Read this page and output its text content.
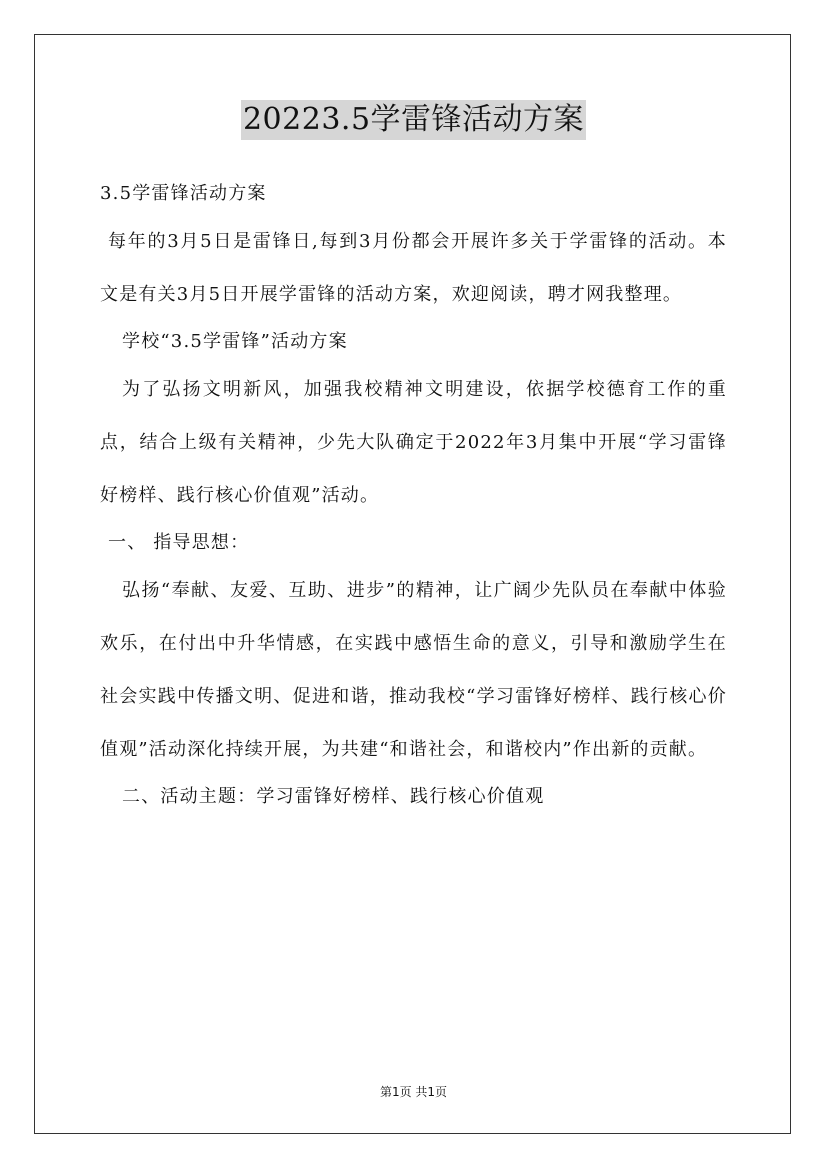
20223.5学雷锋活动方案

3.5学雷锋活动方案

每年的3月5日是雷锋日,每到3月份都会开展许多关于学雷锋的活动。本文是有关3月5日开展学雷锋的活动方案，欢迎阅读，聘才网我整理。

学校“3.5学雷锋”活动方案

为了弘扬文明新风，加强我校精神文明建设，依据学校德育工作的重点，结合上级有关精神，少先大队确定于2022年3月集中开展“学习雷锋好榜样、践行核心价值观”活动。

一、 指导思想：

弘扬“奉献、友爱、互助、进步”的精神，让广阔少先队员在奉献中体验欢乐，在付出中升华情感，在实践中感悟生命的意义，引导和激励学生在社会实践中传播文明、促进和谐，推动我校“学习雷锋好榜样、践行核心价值观”活动深化持续开展，为共建“和谐社会，和谐校内”作出新的贡献。

二、活动主题：学习雷锋好榜样、践行核心价值观

第1页 共1页
